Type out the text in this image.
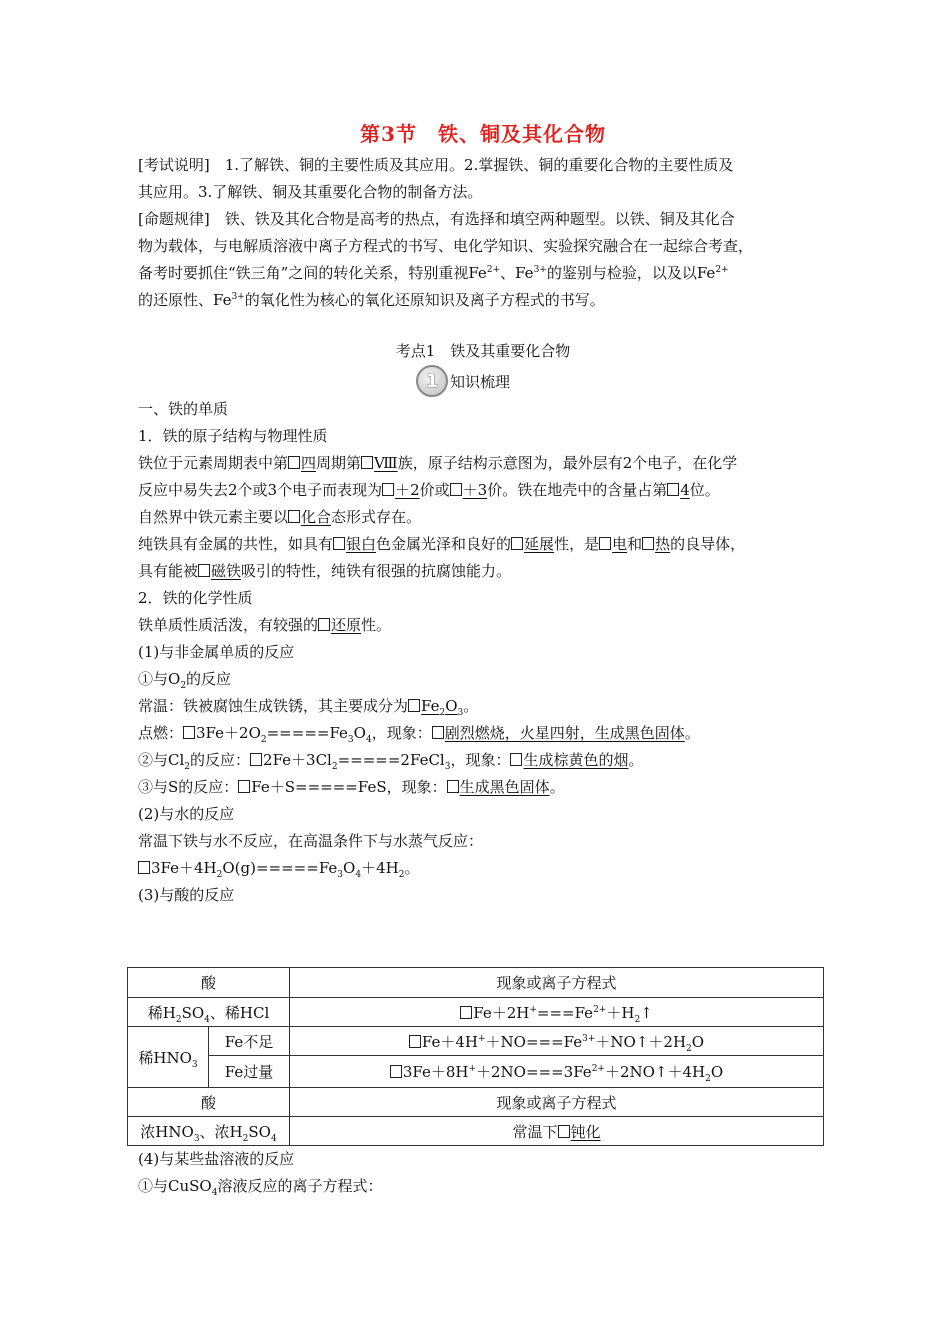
第3节　铁、铜及其化合物

[考试说明]　1.了解铁、铜的主要性质及其应用。2.掌握铁、铜的重要化合物的主要性质及

其应用。3.了解铁、铜及其重要化合物的制备方法。

[命题规律]　铁、铁及其化合物是高考的热点，有选择和填空两种题型。以铁、铜及其化合

物为载体，与电解质溶液中离子方程式的书写、电化学知识、实验探究融合在一起综合考查，

备考时要抓住“铁三角”之间的转化关系，特别重视$Fe^{2+}$、$Fe^{3+}$的鉴别与检验，以及以$Fe^{2+}$

的还原性、$Fe^{3+}$的氧化性为核心的氧化还原知识及离子方程式的书写。

考点1　铁及其重要化合物
1 知识梳理

一、铁的单质

1．铁的原子结构与物理性质

铁位于元素周期表中第 四周期第 Ⅷ族，原子结构示意图为，最外层有2个电子，在化学

反应中易失去2个或3个电子而表现为 ＋2价或 ＋3价。铁在地壳中的含量占第 4位。

自然界中铁元素主要以 化合态形式存在。

纯铁具有金属的共性，如具有 银白色金属光泽和良好的 延展性，是 电和 热的良导体，

具有能被 磁铁吸引的特性，纯铁有很强的抗腐蚀能力。

2．铁的化学性质

铁单质性质活泼，有较强的 还原性。

(1)与非金属单质的反应

①与$O_2$的反应

常温：铁被腐蚀生成铁锈，其主要成分为 $Fe_2O_3$。

点燃： $3Fe+2O_2=====Fe_3O_4$，现象： 剧烈燃烧，火星四射，生成黑色固体。

②与$Cl_2$的反应： $2Fe+3Cl_2=====2FeCl_3$，现象： 生成棕黄色的烟。

③与S的反应： Fe＋S=====FeS，现象： 生成黑色固体。

(2)与水的反应

常温下铁与水不反应，在高温条件下与水蒸气反应：

$3Fe+4H_2O(g)=====Fe_3O_4+4H_2$。

(3)与酸的反应

酸		现象或离子方程式
稀$H_2SO_4$、稀HCl		$Fe+2H^+===Fe^{2+}+H_2↑$
稀$HNO_3$	Fe不足	$Fe+4H^++NO===Fe^{3+}+NO↑+2H_2O$
	Fe过量	$3Fe+8H^++2NO===3Fe^{2+}+2NO↑+4H_2O$
酸		现象或离子方程式
浓$HNO_3$、浓$H_2SO_4$		常温下 钝化

(4)与某些盐溶液的反应

①与CuSO$_4$溶液反应的离子方程式：
